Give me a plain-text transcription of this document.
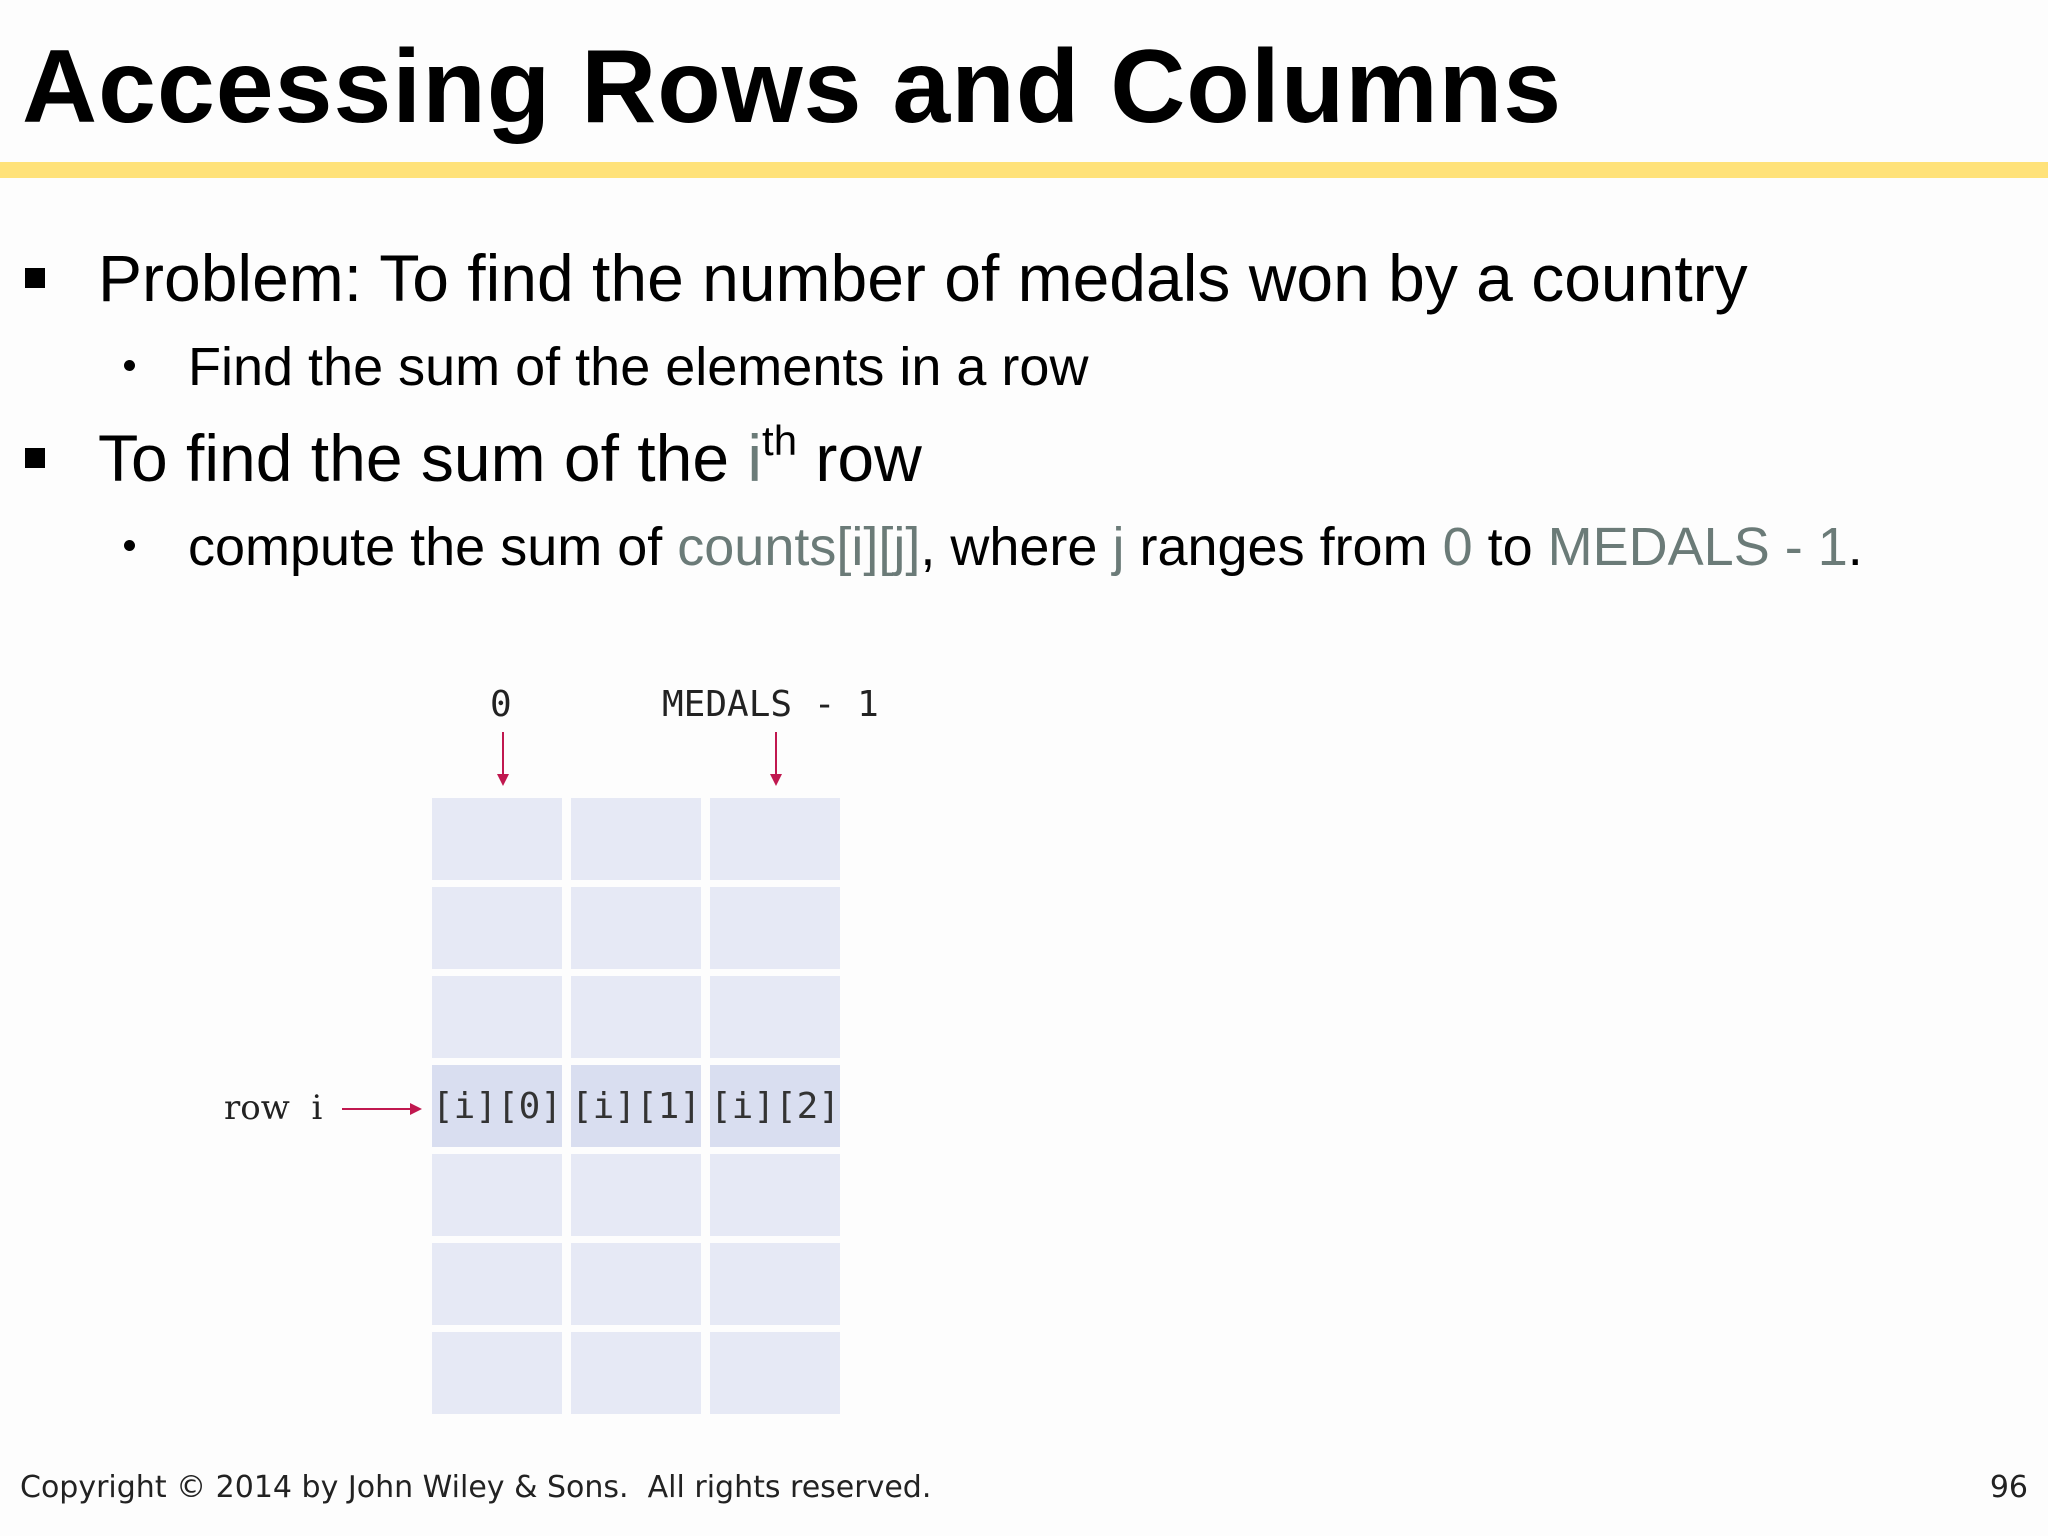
Accessing Rows and Columns
Problem: To find the number of medals won by a country
Find the sum of the elements in a row
To find the sum of the $i^{th}$ row
compute the sum of counts[i][j], where j ranges from 0 to MEDALS - 1.
0	MEDALS - 1
row  i	[i][0] [i][1] [i][2]
Copyright © 2014 by John Wiley & Sons.  All rights reserved.	96
